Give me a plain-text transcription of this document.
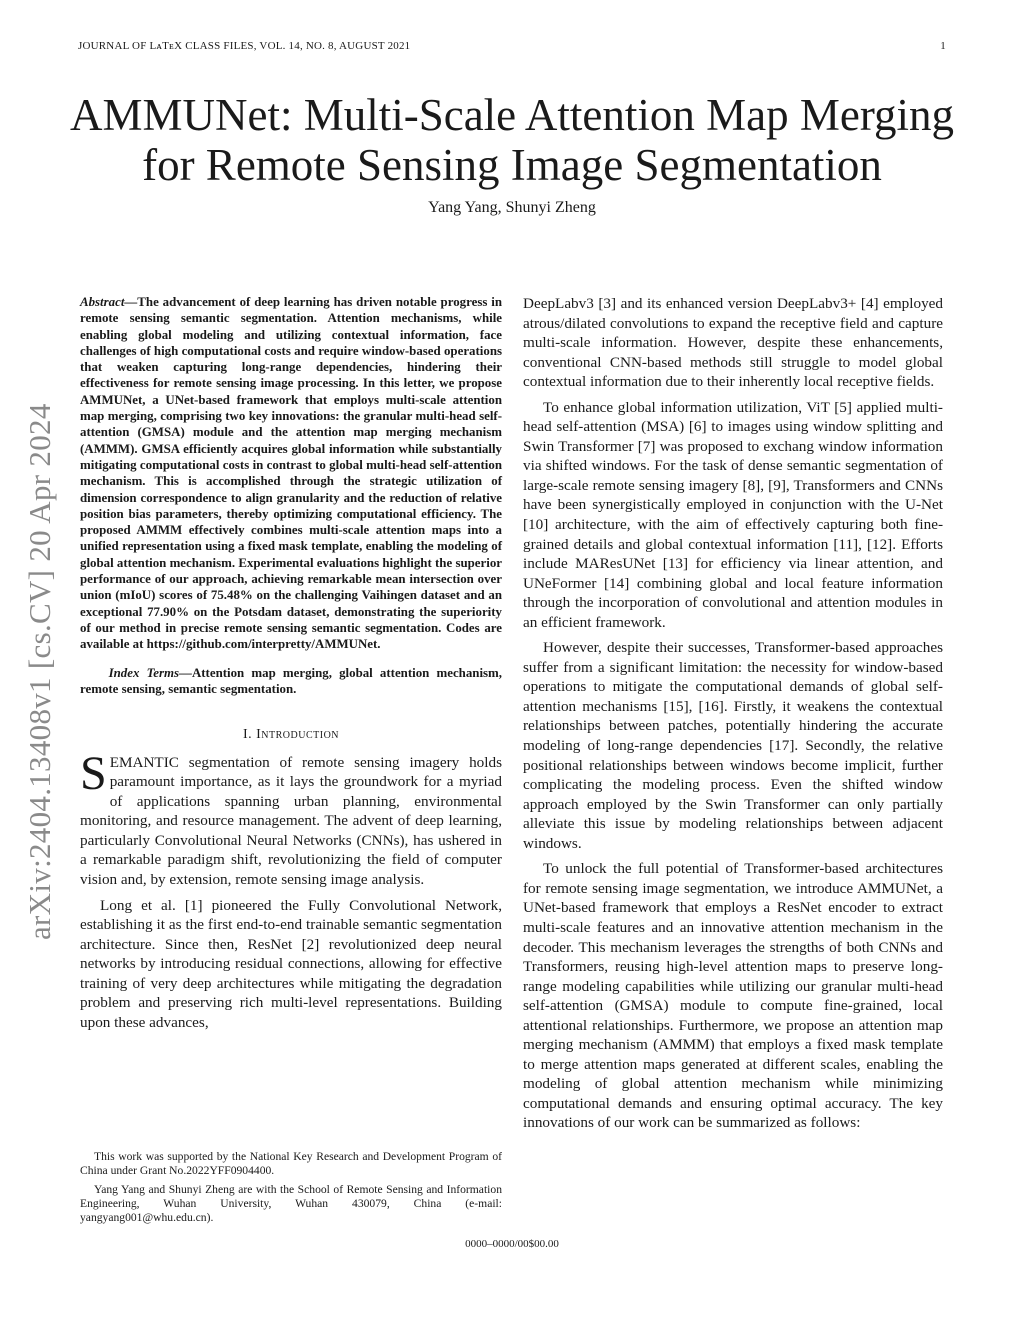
JOURNAL OF LᴀTᴇX CLASS FILES, VOL. 14, NO. 8, AUGUST 2021	1
arXiv:2404.13408v1 [cs.CV] 20 Apr 2024
AMMUNet: Multi-Scale Attention Map Merging
for Remote Sensing Image Segmentation
Yang Yang, Shunyi Zheng
Abstract—The advancement of deep learning has driven notable progress in remote sensing semantic segmentation. Attention mechanisms, while enabling global modeling and utilizing contextual information, face challenges of high computational costs and require window-based operations that weaken capturing long-range dependencies, hindering their effectiveness for remote sensing image processing. In this letter, we propose AMMUNet, a UNet-based framework that employs multi-scale attention map merging, comprising two key innovations: the granular multi-head self-attention (GMSA) module and the attention map merging mechanism (AMMM). GMSA efficiently acquires global information while substantially mitigating computational costs in contrast to global multi-head self-attention mechanism. This is accomplished through the strategic utilization of dimension correspondence to align granularity and the reduction of relative position bias parameters, thereby optimizing computational efficiency. The proposed AMMM effectively combines multi-scale attention maps into a unified representation using a fixed mask template, enabling the modeling of global attention mechanism. Experimental evaluations highlight the superior performance of our approach, achieving remarkable mean intersection over union (mIoU) scores of 75.48% on the challenging Vaihingen dataset and an exceptional 77.90% on the Potsdam dataset, demonstrating the superiority of our method in precise remote sensing semantic segmentation. Codes are available at https://github.com/interpretty/AMMUNet.
Index Terms—Attention map merging, global attention mechanism, remote sensing, semantic segmentation.
I. Introduction

SEMANTIC segmentation of remote sensing imagery holds paramount importance, as it lays the groundwork for a myriad of applications spanning urban planning, environmental monitoring, and resource management. The advent of deep learning, particularly Convolutional Neural Networks (CNNs), has ushered in a remarkable paradigm shift, revolutionizing the field of computer vision and, by extension, remote sensing image analysis.

Long et al. [1] pioneered the Fully Convolutional Network, establishing it as the first end-to-end trainable semantic segmentation architecture. Since then, ResNet [2] revolutionized deep neural networks by introducing residual connections, allowing for effective training of very deep architectures while mitigating the degradation problem and preserving rich multi-level representations. Building upon these advances,

DeepLabv3 [3] and its enhanced version DeepLabv3+ [4] employed atrous/dilated convolutions to expand the receptive field and capture multi-scale information. However, despite these enhancements, conventional CNN-based methods still struggle to model global contextual information due to their inherently local receptive fields.

To enhance global information utilization, ViT [5] applied multi-head self-attention (MSA) [6] to images using window splitting and Swin Transformer [7] was proposed to exchang window information via shifted windows. For the task of dense semantic segmentation of large-scale remote sensing imagery [8], [9], Transformers and CNNs have been synergistically employed in conjunction with the U-Net [10] architecture, with the aim of effectively capturing both fine-grained details and global contextual information [11], [12]. Efforts include MAResUNet [13] for efficiency via linear attention, and UNeFormer [14] combining global and local feature information through the incorporation of convolutional and attention modules in an efficient framework.

However, despite their successes, Transformer-based approaches suffer from a significant limitation: the necessity for window-based operations to mitigate the computational demands of global self-attention mechanisms [15], [16]. Firstly, it weakens the contextual relationships between patches, potentially hindering the accurate modeling of long-range dependencies [17]. Secondly, the relative positional relationships between windows become implicit, further complicating the modeling process. Even the shifted window approach employed by the Swin Transformer can only partially alleviate this issue by modeling relationships between adjacent windows.

To unlock the full potential of Transformer-based architectures for remote sensing image segmentation, we introduce AMMUNet, a UNet-based framework that employs a ResNet encoder to extract multi-scale features and an innovative attention mechanism in the decoder. This mechanism leverages the strengths of both CNNs and Transformers, reusing high-level attention maps to preserve long-range modeling capabilities while utilizing our granular multi-head self-attention (GMSA) module to compute fine-grained, local attentional relationships. Furthermore, we propose an attention map merging mechanism (AMMM) that employs a fixed mask template to merge attention maps generated at different scales, enabling the modeling of global attention mechanism while minimizing computational demands and ensuring optimal accuracy. The key innovations of our work can be summarized as follows:

This work was supported by the National Key Research and Development Program of China under Grant No.2022YFF0904400.

Yang Yang and Shunyi Zheng are with the School of Remote Sensing and Information Engineering, Wuhan University, Wuhan 430079, China (e-mail: yangyang001@whu.edu.cn).

0000–0000/00$00.00
